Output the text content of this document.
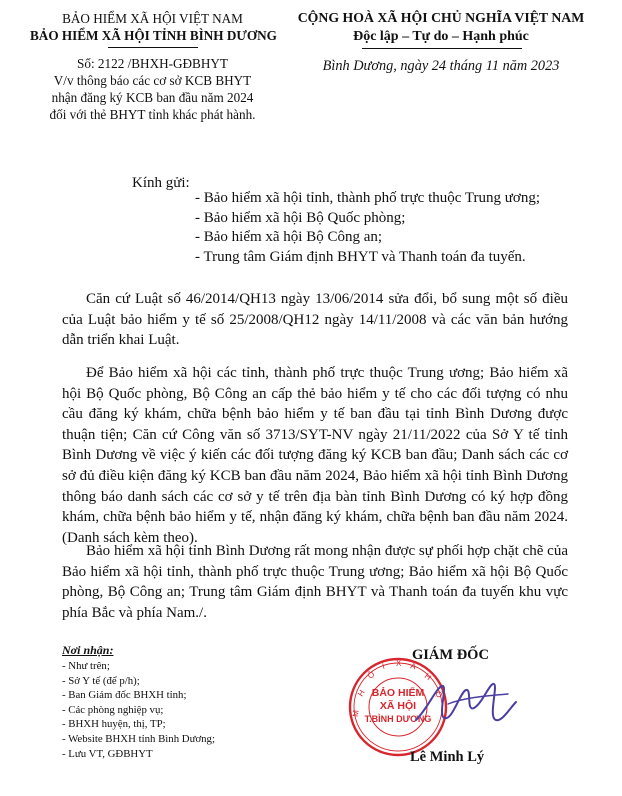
BẢO HIỂM XÃ HỘI VIỆT NAM
BẢO HIỂM XÃ HỘI TỈNH BÌNH DƯƠNG
Số: 2122 /BHXH-GĐBHYT
V/v thông báo các cơ sở KCB BHYT
nhận đăng ký KCB ban đầu năm 2024
đối với thẻ BHYT tỉnh khác phát hành.
CỘNG HOÀ XÃ HỘI CHỦ NGHĨA VIỆT NAM
Độc lập – Tự do – Hạnh phúc
Bình Dương, ngày 24 tháng 11 năm 2023
Kính gửi:
- Bảo hiểm xã hội tỉnh, thành phố trực thuộc Trung ương;
- Bảo hiểm xã hội Bộ Quốc phòng;
- Bảo hiểm xã hội Bộ Công an;
- Trung tâm Giám định BHYT và Thanh toán đa tuyến.
Căn cứ Luật số 46/2014/QH13 ngày 13/06/2014 sửa đổi, bổ sung một số điều của Luật bảo hiểm y tế số 25/2008/QH12 ngày 14/11/2008 và các văn bản hướng dẫn triển khai Luật.
Để Bảo hiểm xã hội các tỉnh, thành phố trực thuộc Trung ương; Bảo hiểm xã hội Bộ Quốc phòng, Bộ Công an cấp thẻ bảo hiểm y tế cho các đối tượng có nhu cầu đăng ký khám, chữa bệnh bảo hiểm y tế ban đầu tại tỉnh Bình Dương được thuận tiện; Căn cứ Công văn số 3713/SYT-NV ngày 21/11/2022 của Sở Y tế tỉnh Bình Dương về việc ý kiến các đối tượng đăng ký KCB ban đầu; Danh sách các cơ sở đủ điều kiện đăng ký KCB ban đầu năm 2024, Bảo hiểm xã hội tỉnh Bình Dương thông báo danh sách các cơ sở y tế trên địa bàn tỉnh Bình Dương có ký hợp đồng khám, chữa bệnh bảo hiểm y tế, nhận đăng ký khám, chữa bệnh ban đầu năm 2024. (Danh sách kèm theo).
Bảo hiểm xã hội tỉnh Bình Dương rất mong nhận được sự phối hợp chặt chẽ của Bảo hiểm xã hội tỉnh, thành phố trực thuộc Trung ương; Bảo hiểm xã hội Bộ Quốc phòng, Bộ Công an; Trung tâm Giám định BHYT và Thanh toán đa tuyến khu vực phía Bắc và phía Nam./.
Nơi nhận:
- Như trên;
- Sở Y tế (để p/h);
- Ban Giám đốc BHXH tỉnh;
- Các phòng nghiệp vụ;
- BHXH huyện, thị, TP;
- Website BHXH tỉnh Bình Dương;
- Lưu VT, GĐBHYT
GIÁM ĐỐC
BẢO HIỂM
XÃ HỘI
T.BÌNH DƯƠNG
H
Ộ
I X Ã
H
Ộ
M
Lê Minh Lý
